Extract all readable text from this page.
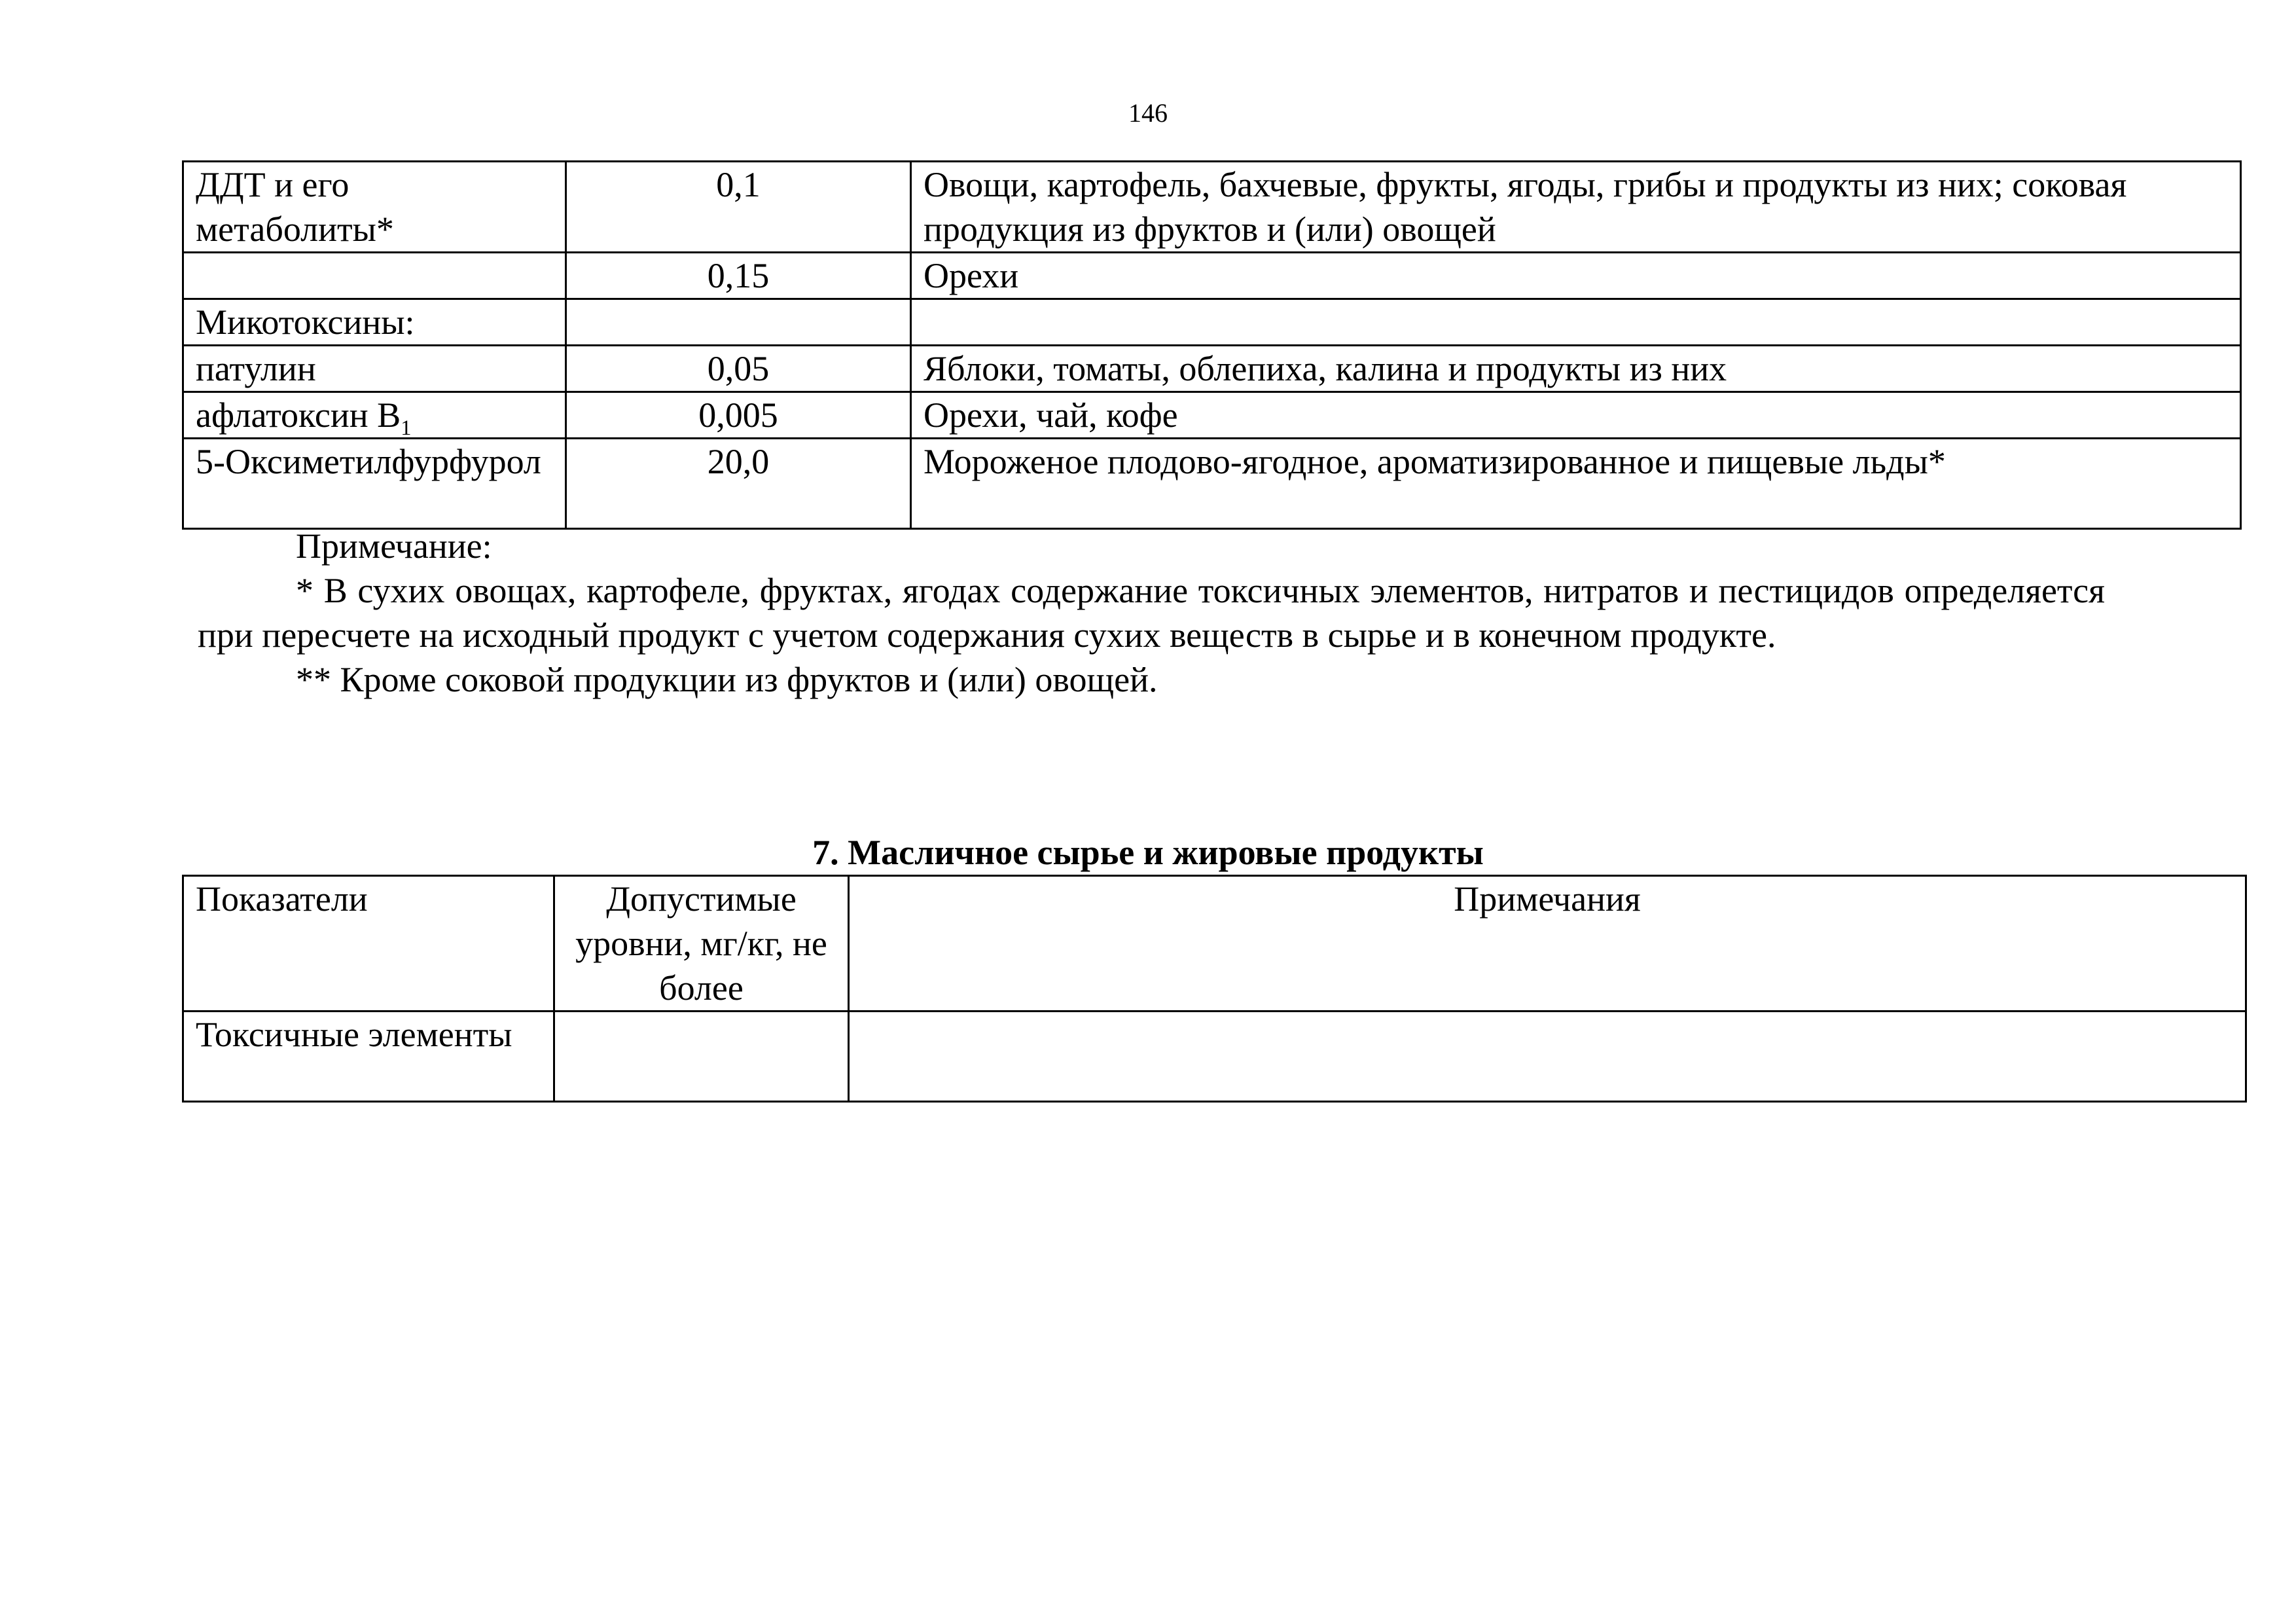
146
ДДТ и его метаболиты*	0,1	Овощи, картофель, бахчевые, фрукты, ягоды, грибы и продукты из них; соковая продукция из фруктов и (или) овощей
	0,15	Орехи
Микотоксины:		
патулин	0,05	Яблоки, томаты, облепиха, калина и продукты из них
афлатоксин $B_1$	0,005	Орехи, чай, кофе
5-Оксиметилфурфурол	20,0	Мороженое плодово-ягодное, ароматизированное и пищевые льды*

Примечание:

* В сухих овощах, картофеле, фруктах, ягодах содержание токсичных элементов, нитратов и пестицидов определяется при пересчете на исходный продукт с учетом содержания сухих веществ в сырье и в конечном продукте.

** Кроме соковой продукции из фруктов и (или) овощей.

7. Масличное сырье и жировые продукты
Показатели	Допустимые уровни, мг/кг, не более	Примечания
Токсичные элементы		
